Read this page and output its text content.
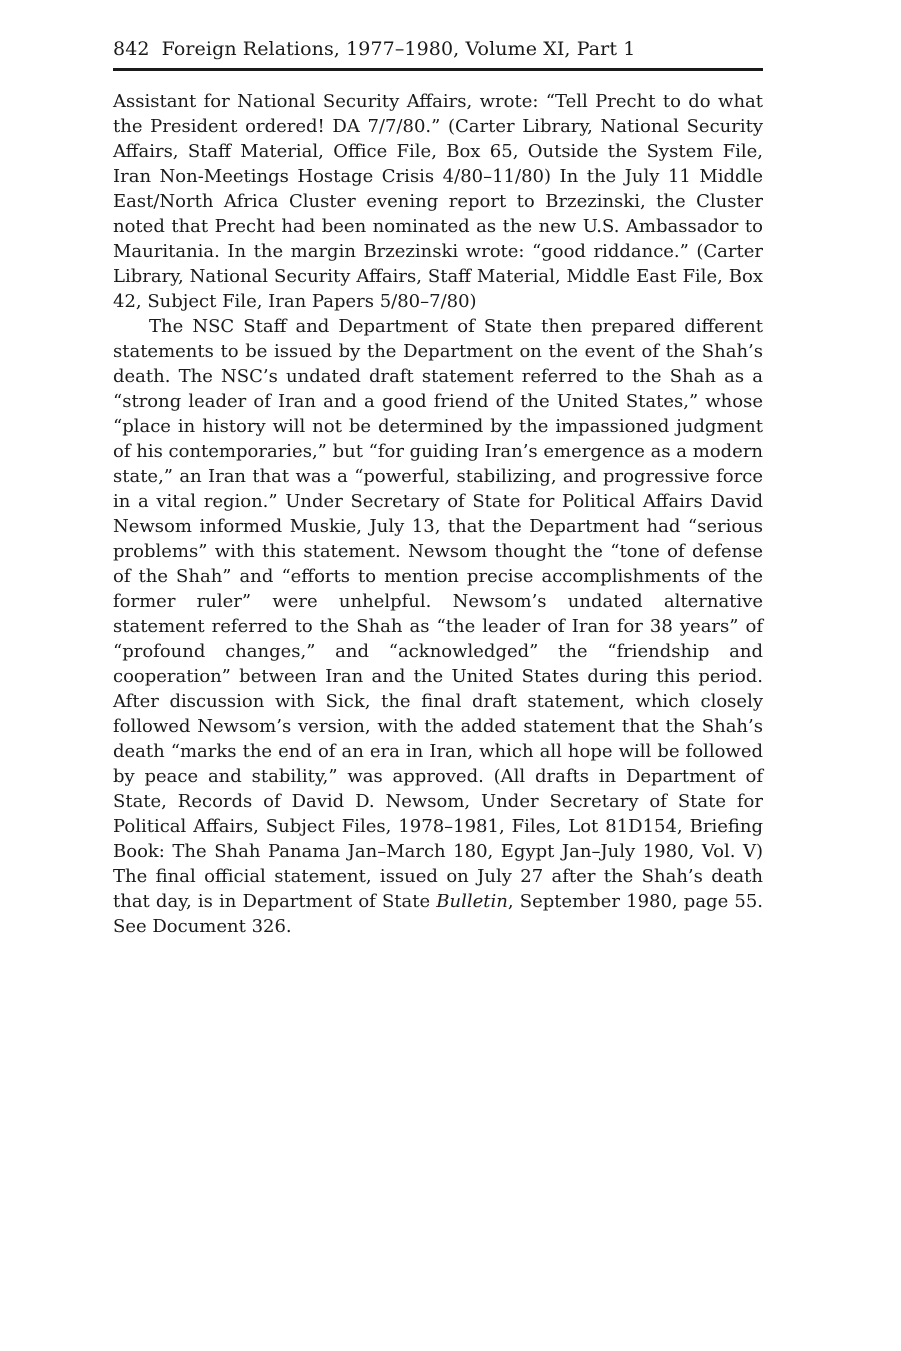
842 Foreign Relations, 1977–1980, Volume XI, Part 1

Assistant for National Security Affairs, wrote: “Tell Precht to do what the President ordered! DA 7/7/80.” (Carter Library, National Security Affairs, Staff Material, Office File, Box 65, Outside the System File, Iran Non-Meetings Hostage Crisis 4/80–11/80) In the July 11 Middle East/​North Africa Cluster evening report to Brzezinski, the Cluster noted that Precht had been nominated as the new U.S. Ambassador to Mauritania. In the margin Brzezinski wrote: “good riddance.” (Carter Library, National Security Affairs, Staff Material, Middle East File, Box 42, Subject File, Iran Papers 5/80–7/80)

The NSC Staff and Department of State then prepared different statements to be issued by the Department on the event of the Shah’s death. The NSC’s undated draft statement referred to the Shah as a “strong leader of Iran and a good friend of the United States,” whose “place in history will not be determined by the impassioned judgment of his contemporaries,” but “for guiding Iran’s emergence as a modern state,” an Iran that was a “powerful, stabilizing, and progressive force in a vital region.” Under Secretary of State for Political Affairs David Newsom informed Muskie, July 13, that the Department had “serious problems” with this statement. Newsom thought the “tone of defense of the Shah” and “efforts to mention precise accomplishments of the former ruler” were unhelpful. Newsom’s undated alternative statement referred to the Shah as “the leader of Iran for 38 years” of “profound changes,” and “acknowledged” the “friendship and cooperation” between Iran and the United States during this period. After discussion with Sick, the final draft statement, which closely followed Newsom’s version, with the added statement that the Shah’s death “marks the end of an era in Iran, which all hope will be followed by peace and stability,” was approved. (All drafts in Department of State, Records of David D. Newsom, Under Secretary of State for Political Affairs, Subject Files, 1978–1981, Files, Lot 81D154, Briefing Book: The Shah Panama Jan–March 180, Egypt Jan–July 1980, Vol. V) The final official statement, issued on July 27 after the Shah’s death that day, is in Department of State Bulletin, September 1980, page 55. See Document 326.
